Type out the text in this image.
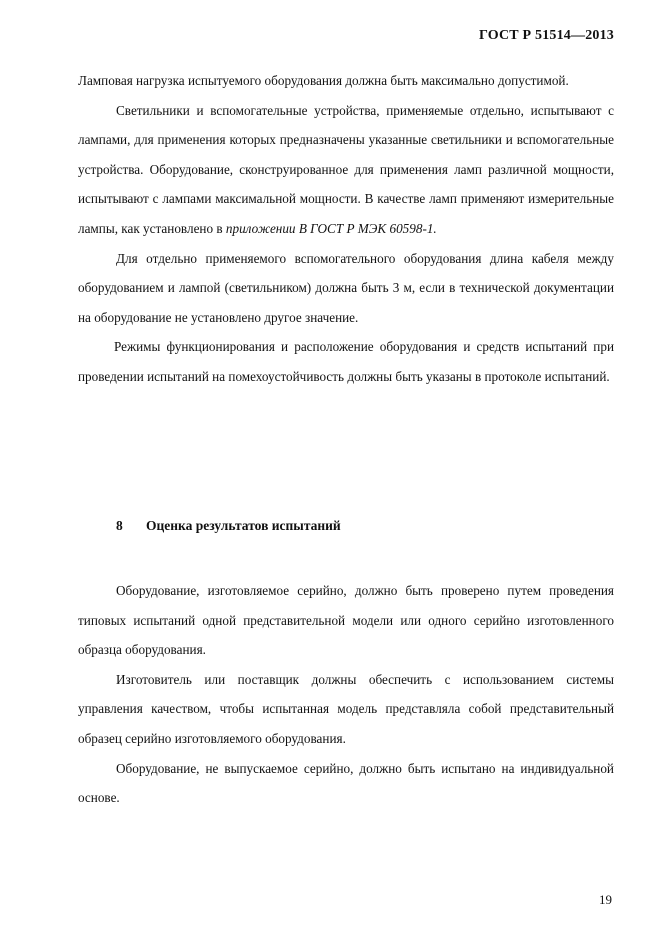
ГОСТ Р 51514—2013

Ламповая нагрузка испытуемого оборудования должна быть максимально допустимой.

Светильники и вспомогательные устройства, применяемые отдельно, испытывают с лампами, для применения которых предназначены указанные светильники и вспомогательные устройства. Оборудование, сконструированное для применения ламп различной мощности, испытывают с лампами максимальной мощности. В качестве ламп применяют измерительные лампы, как установлено в приложении В ГОСТ Р МЭК 60598-1.

Для отдельно применяемого вспомогательного оборудования длина кабеля между оборудованием и лампой (светильником) должна быть 3 м, если в технической документации на оборудование не установлено другое значение.

Режимы функционирования и расположение оборудования и средств испытаний при проведении испытаний на помехоустойчивость должны быть указаны в протоколе испытаний.

8 Оценка результатов испытаний

Оборудование, изготовляемое серийно, должно быть проверено путем проведения типовых испытаний одной представительной модели или одного серийно изготовленного образца оборудования.

Изготовитель или поставщик должны обеспечить с использованием системы управления качеством, чтобы испытанная модель представляла собой представительный образец серийно изготовляемого оборудования.

Оборудование, не выпускаемое серийно, должно быть испытано на индивидуальной основе.

19
